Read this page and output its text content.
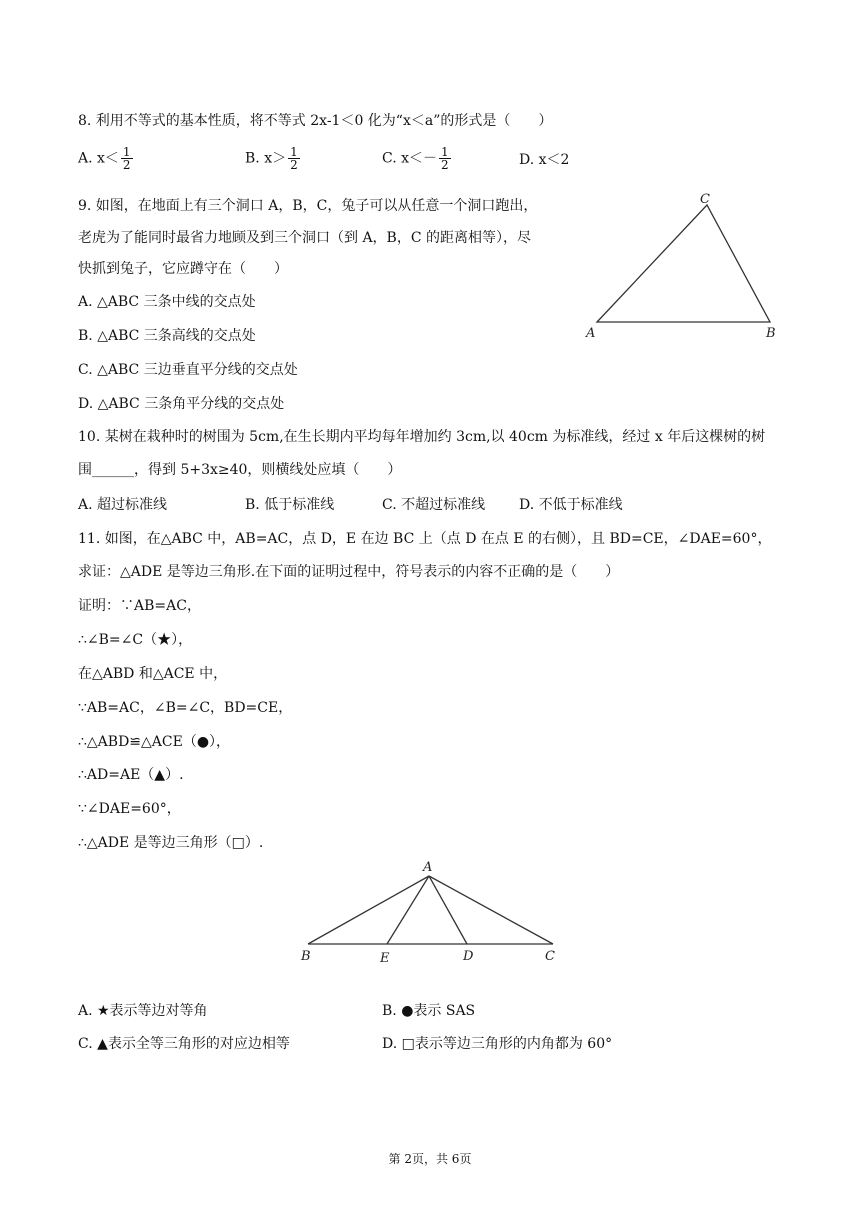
8. 利用不等式的基本性质，将不等式 2x-1＜0 化为“x＜a”的形式是（　　）
A. $x< \frac{1}{2}$	B. $x> \frac{1}{2}$	C. $x<- \frac{1}{2}$	D. x＜2
9. 如图，在地面上有三个洞口 A，B，C，兔子可以从任意一个洞口跑出，
老虎为了能同时最省力地顾及到三个洞口（到 A，B，C 的距离相等），尽
快抓到兔子，它应蹲守在（　　）
A. △ABC 三条中线的交点处
B. △ABC 三条高线的交点处
C. △ABC 三边垂直平分线的交点处
D. △ABC 三条角平分线的交点处
A	B
C
10. 某树在栽种时的树围为 5cm,在生长期内平均每年增加约 3cm,以 40cm 为标准线，经过 x 年后这棵树的树
围______，得到 5+3x≥40，则横线处应填（　　）
A. 超过标准线	B. 低于标准线	C. 不超过标准线 D. 不低于标准线
11. 如图，在△ABC 中，AB=AC，点 D，E 在边 BC 上（点 D 在点 E 的右侧），且 BD=CE，∠DAE=60°，
求证：△ADE 是等边三角形.在下面的证明过程中，符号表示的内容不正确的是（　　）
证明：∵AB=AC，
∴∠B=∠C（★），
在△ABD 和△ACE 中，
∵AB=AC，∠B=∠C，BD=CE，
∴△ABD≌△ACE（●），
∴AD=AE（▲）.
∵∠DAE=60°，
∴△ADE 是等边三角形（□）.
A
B	E	D	C
A. ★表示等边对等角	B. ●表示 SAS
C. ▲表示全等三角形的对应边相等	D. □表示等边三角形的内角都为 60°
第 2页，共 6页
